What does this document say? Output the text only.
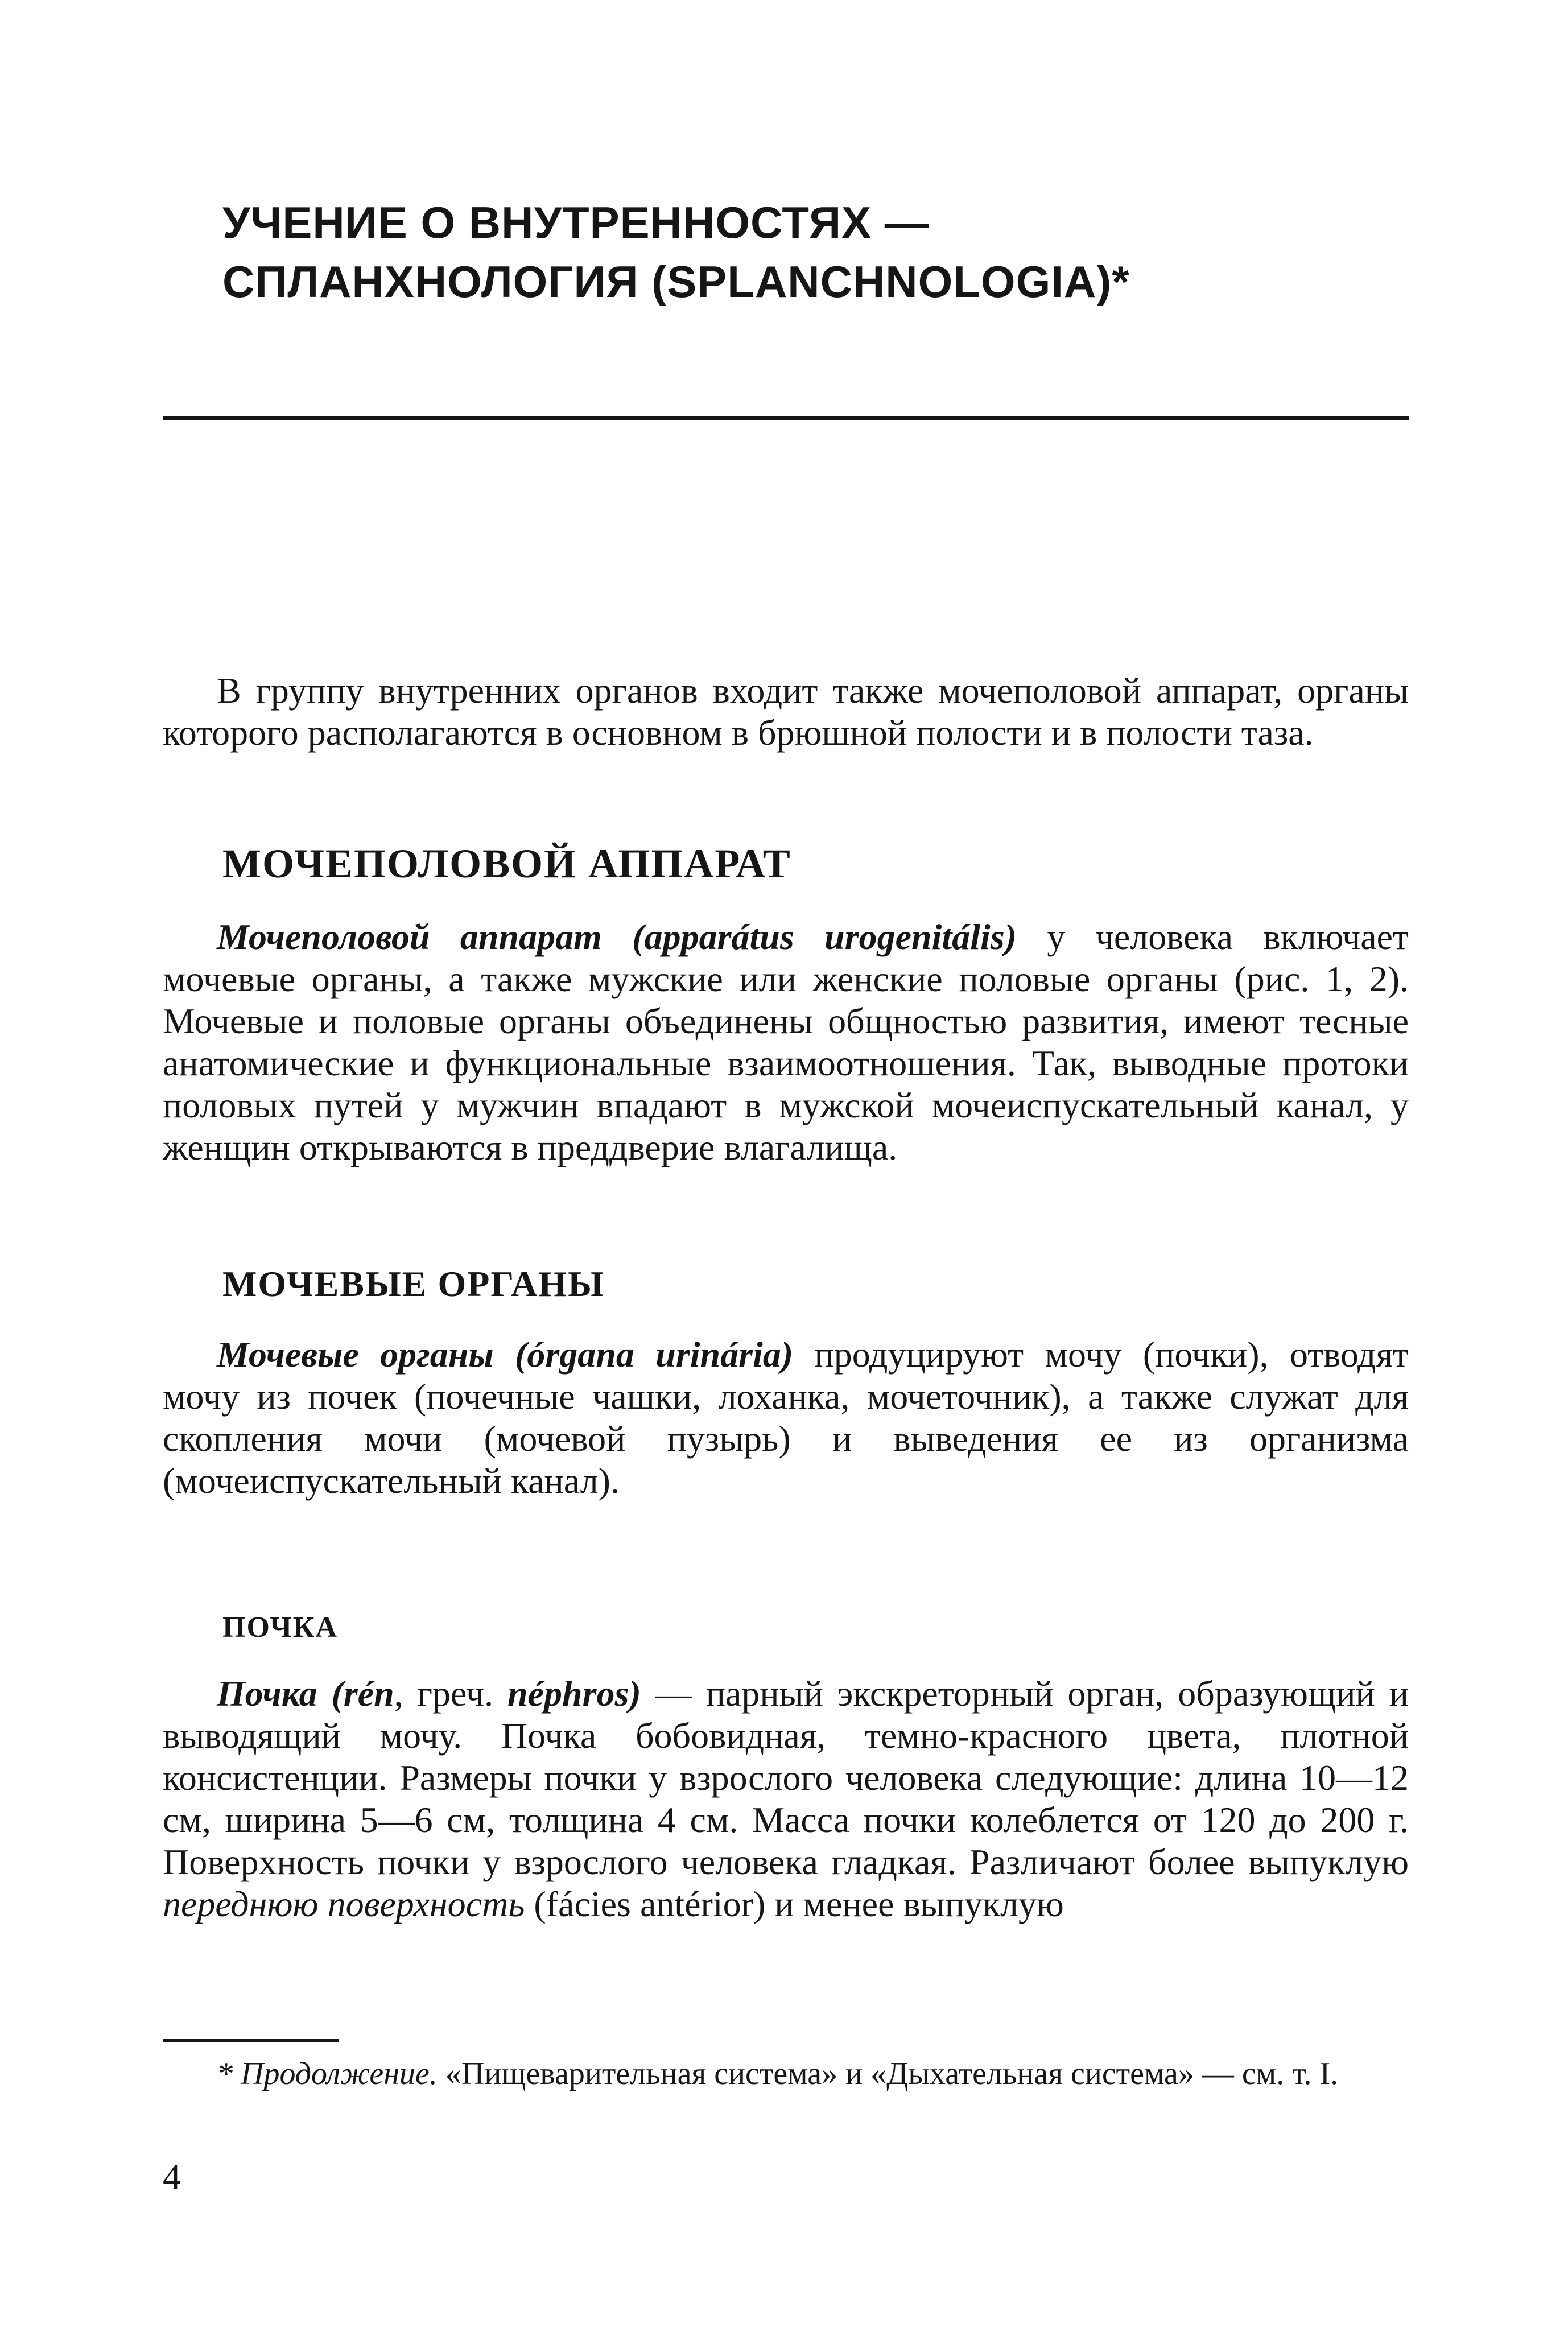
УЧЕНИЕ О ВНУТРЕННОСТЯХ —
СПЛАНХНОЛОГИЯ (SPLANCHNOLOGIA)*

В группу внутренних органов входит также мочеполовой аппарат, органы которого располагаются в основном в брюшной полости и в полости таза.

МОЧЕПОЛОВОЙ АППАРАТ

Мочеполовой аппарат (apparátus urogenitális) у человека включает мочевые органы, а также мужские или женские половые органы (рис. 1, 2). Мочевые и половые органы объединены общностью развития, имеют тесные анатомические и функциональные взаимоотношения. Так, выводные протоки половых путей у мужчин впадают в мужской мочеиспускательный канал, у женщин открываются в преддверие влагалища.

МОЧЕВЫЕ ОРГАНЫ

Мочевые органы (órgana urinária) продуцируют мочу (почки), отводят мочу из почек (почечные чашки, лоханка, мочеточник), а также служат для скопления мочи (мочевой пузырь) и выведения ее из организма (мочеиспускательный канал).

ПОЧКА

Почка (rén, греч. néphros) — парный экскреторный орган, образующий и выводящий мочу. Почка бобовидная, темно-красного цвета, плотной консистенции. Размеры почки у взрослого человека следующие: длина 10—12 см, ширина 5—6 см, толщина 4 см. Масса почки колеблется от 120 до 200 г. Поверхность почки у взрослого человека гладкая. Различают более выпуклую переднюю поверхность (fácies antérior) и менее выпуклую

* Продолжение. «Пищеварительная система» и «Дыхательная система» — см. т. I.

4
